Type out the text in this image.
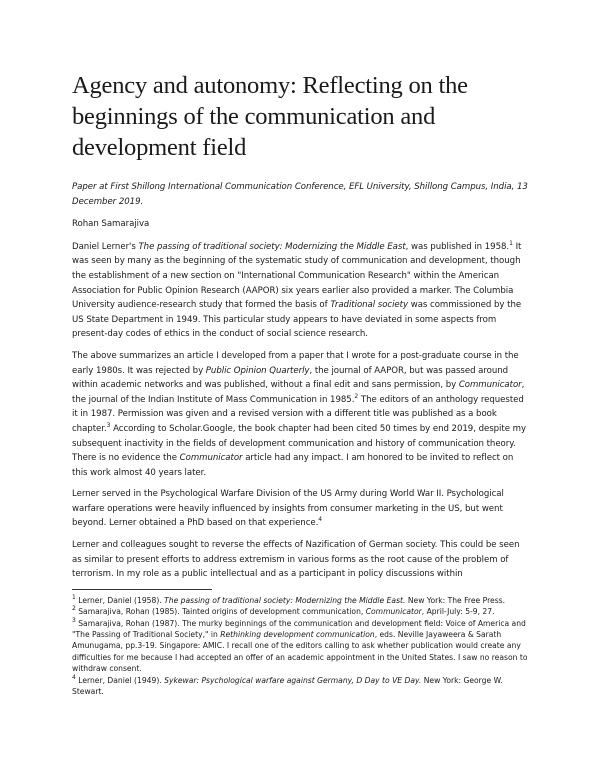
Agency and autonomy: Reflecting on the beginnings of the communication and development field

Paper at First Shillong International Communication Conference, EFL University, Shillong Campus, India, 13 December 2019.

Rohan Samarajiva

Daniel Lerner's The passing of traditional society: Modernizing the Middle East, was published in 1958.$^1$ It was seen by many as the beginning of the systematic study of communication and development, though the establishment of a new section on "International Communication Research" within the American Association for Public Opinion Research (AAPOR) six years earlier also provided a marker. The Columbia University audience-research study that formed the basis of Traditional society was commissioned by the US State Department in 1949. This particular study appears to have deviated in some aspects from present-day codes of ethics in the conduct of social science research.

The above summarizes an article I developed from a paper that I wrote for a post-graduate course in the early 1980s. It was rejected by Public Opinion Quarterly, the journal of AAPOR, but was passed around within academic networks and was published, without a final edit and sans permission, by Communicator, the journal of the Indian Institute of Mass Communication in 1985.$^2$ The editors of an anthology requested it in 1987. Permission was given and a revised version with a different title was published as a book chapter.$^3$ According to Scholar.Google, the book chapter had been cited 50 times by end 2019, despite my subsequent inactivity in the fields of development communication and history of communication theory. There is no evidence the Communicator article had any impact. I am honored to be invited to reflect on this work almost 40 years later.

Lerner served in the Psychological Warfare Division of the US Army during World War II. Psychological warfare operations were heavily influenced by insights from consumer marketing in the US, but went beyond. Lerner obtained a PhD based on that experience.$^4$

Lerner and colleagues sought to reverse the effects of Nazification of German society. This could be seen as similar to present efforts to address extremism in various forms as the root cause of the problem of terrorism. In my role as a public intellectual and as a participant in policy discussions within

$^1$ Lerner, Daniel (1958). The passing of traditional society: Modernizing the Middle East. New York: The Free Press.

$^2$ Samarajiva, Rohan (1985). Tainted origins of development communication, Communicator, April-July: 5-9, 27.

$^3$ Samarajiva, Rohan (1987). The murky beginnings of the communication and development field: Voice of America and "The Passing of Traditional Society," in Rethinking development communication, eds. Neville Jayaweera & Sarath Amunugama, pp.3-19. Singapore: AMIC. I recall one of the editors calling to ask whether publication would create any difficulties for me because I had accepted an offer of an academic appointment in the United States. I saw no reason to withdraw consent.

$^4$ Lerner, Daniel (1949). Sykewar: Psychological warfare against Germany, D Day to VE Day. New York: George W. Stewart.
